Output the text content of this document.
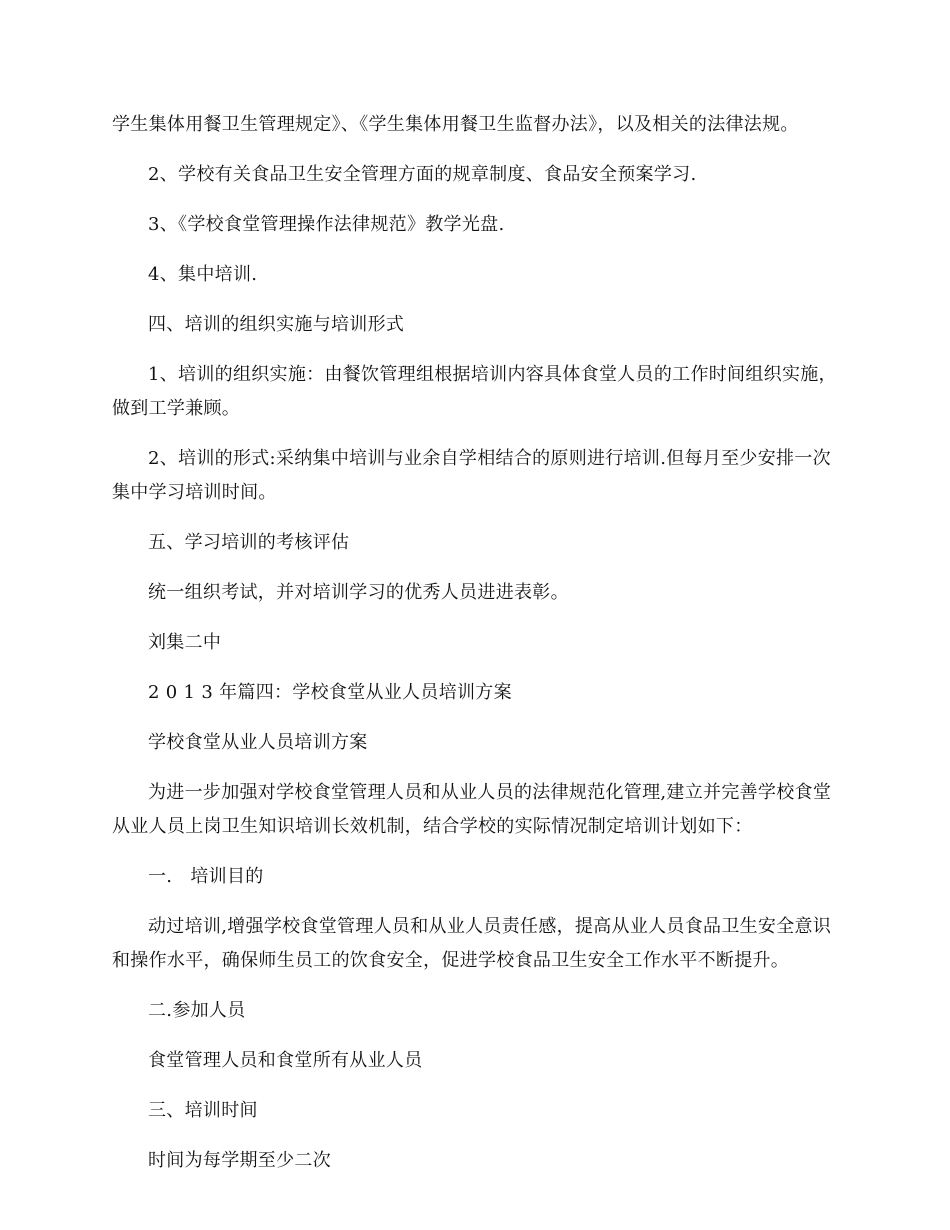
学生集体用餐卫生管理规定》、《学生集体用餐卫生监督办法》，以及相关的法律法规。

2、学校有关食品卫生安全管理方面的规章制度、食品安全预案学习.

3、《学校食堂管理操作法律规范》教学光盘.

4、集中培训.

四、培训的组织实施与培训形式

1、培训的组织实施：由餐饮管理组根据培训内容具体食堂人员的工作时间组织实施，做到工学兼顾。

2、培训的形式:采纳集中培训与业余自学相结合的原则进行培训.但每月至少安排一次集中学习培训时间。

五、学习培训的考核评估

统一组织考试，并对培训学习的优秀人员进进表彰。

刘集二中

2 0 1 3 年篇四：学校食堂从业人员培训方案

学校食堂从业人员培训方案

为进一步加强对学校食堂管理人员和从业人员的法律规范化管理,建立并完善学校食堂从业人员上岗卫生知识培训长效机制，结合学校的实际情况制定培训计划如下：

一.   培训目的

动过培训,增强学校食堂管理人员和从业人员责任感，提高从业人员食品卫生安全意识和操作水平，确保师生员工的饮食安全，促进学校食品卫生安全工作水平不断提升。

二.参加人员

食堂管理人员和食堂所有从业人员

三、培训时间

时间为每学期至少二次
